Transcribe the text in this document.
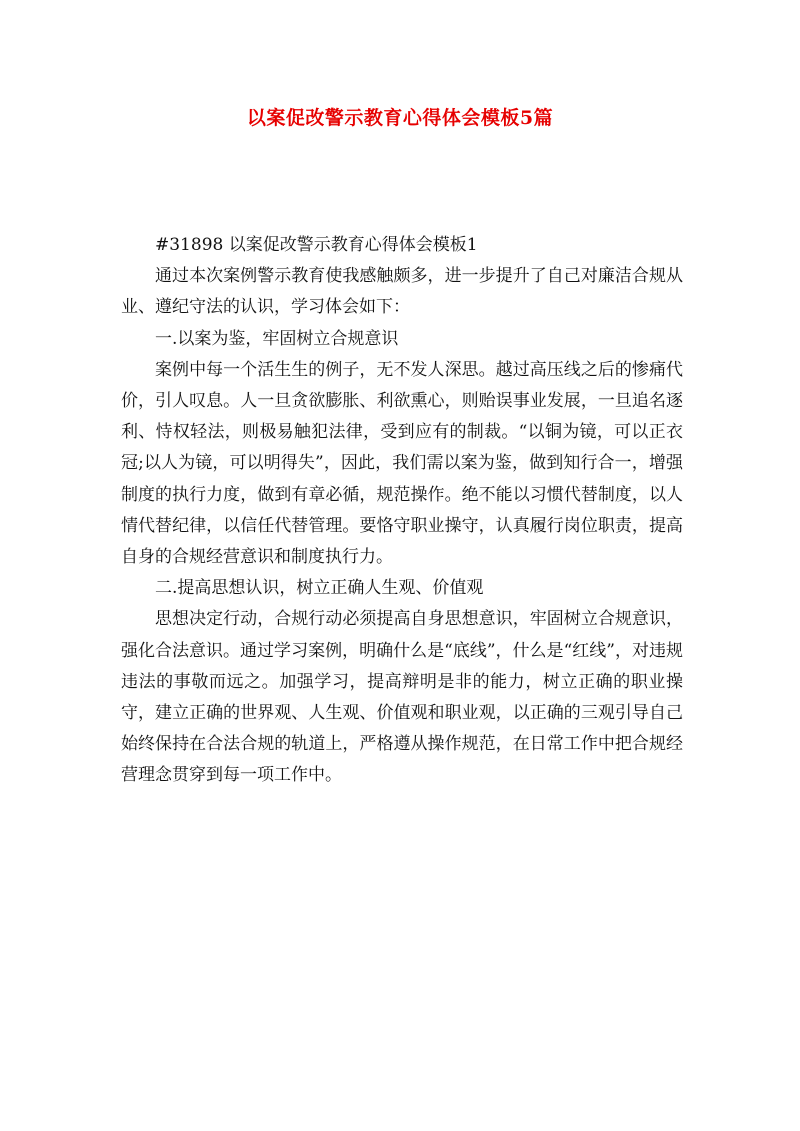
以案促改警示教育心得体会模板5篇

#31898 以案促改警示教育心得体会模板1

通过本次案例警示教育使我感触颇多，进一步提升了自己对廉洁合规从业、遵纪守法的认识，学习体会如下：

一.以案为鉴，牢固树立合规意识

案例中每一个活生生的例子，无不发人深思。越过高压线之后的惨痛代价，引人叹息。人一旦贪欲膨胀、利欲熏心，则贻误事业发展，一旦追名逐利、恃权轻法，则极易触犯法律，受到应有的制裁。“以铜为镜，可以正衣冠;以人为镜，可以明得失”，因此，我们需以案为鉴，做到知行合一，增强制度的执行力度，做到有章必循，规范操作。绝不能以习惯代替制度，以人情代替纪律，以信任代替管理。要恪守职业操守，认真履行岗位职责，提高自身的合规经营意识和制度执行力。

二.提高思想认识，树立正确人生观、价值观

思想决定行动，合规行动必须提高自身思想意识，牢固树立合规意识，强化合法意识。通过学习案例，明确什么是“底线”，什么是“红线”，对违规违法的事敬而远之。加强学习，提高辩明是非的能力，树立正确的职业操守，建立正确的世界观、人生观、价值观和职业观，以正确的三观引导自己始终保持在合法合规的轨道上，严格遵从操作规范，在日常工作中把合规经营理念贯穿到每一项工作中。
